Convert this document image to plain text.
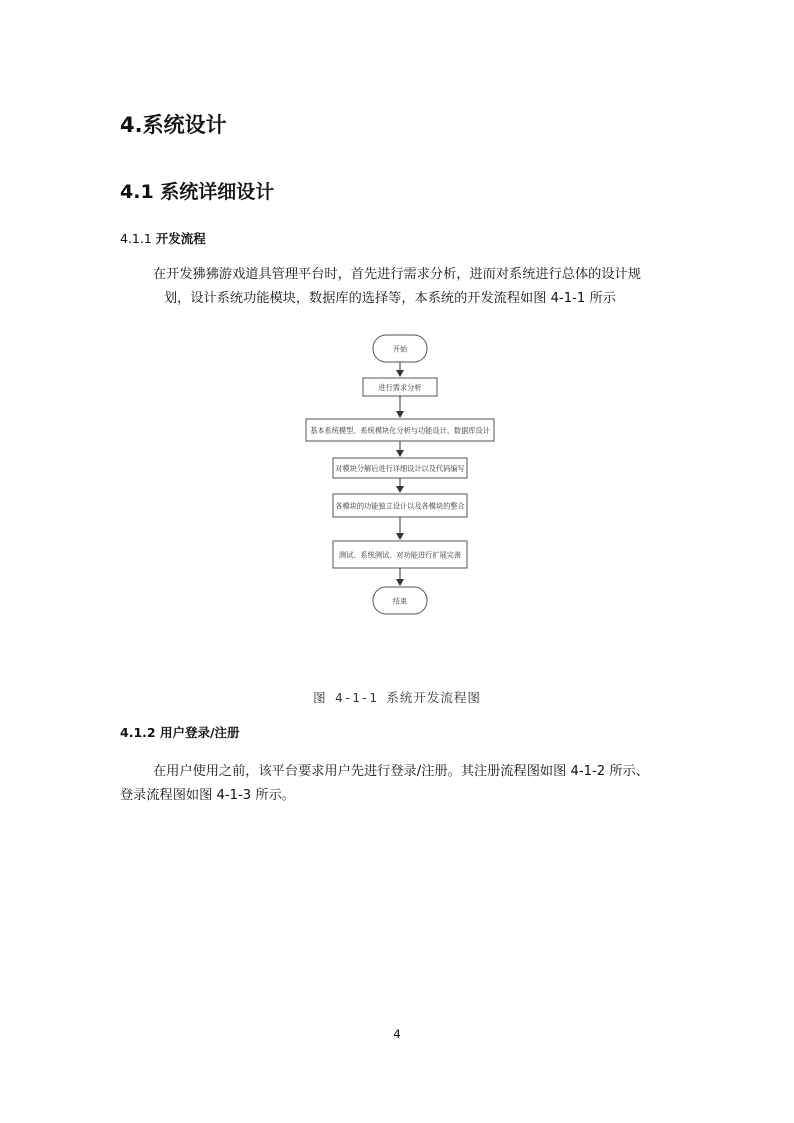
4.系统设计
4.1 系统详细设计
4.1.1 开发流程
在开发狒狒游戏道具管理平台时，首先进行需求分析，进而对系统进行总体的设计规
划，设计系统功能模块，数据库的选择等，本系统的开发流程如图 4-1-1 所示
开始
进行需求分析
基本系统模型、系统模块化分析与功能设计、数据库设计
对模块分解后进行详细设计以及代码编写
各模块的功能独立设计以及各模块的整合
测试、系统测试、对功能进行扩展完善
结束
图 4-1-1 系统开发流程图
4.1.2 用户登录/注册
在用户使用之前，该平台要求用户先进行登录/注册。其注册流程图如图 4-1-2 所示、
登录流程图如图 4-1-3 所示。
4
